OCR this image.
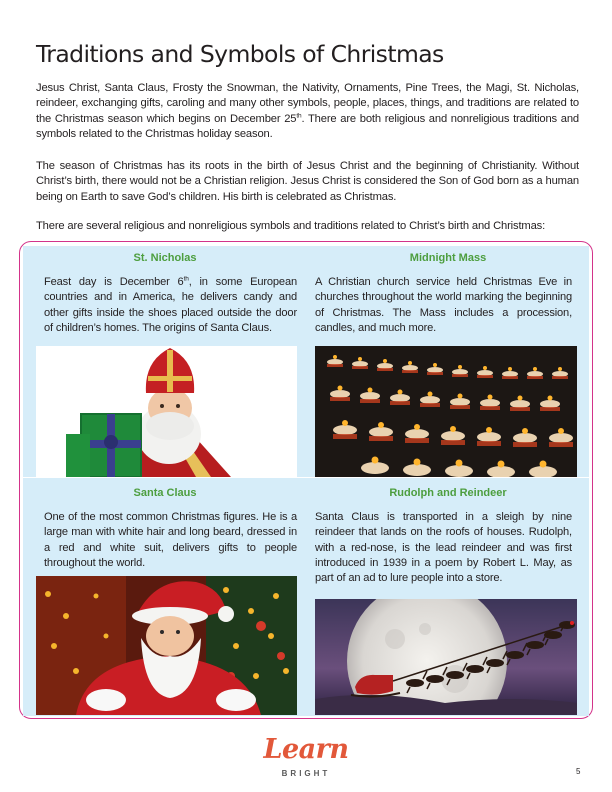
Traditions and Symbols of Christmas

Jesus Christ, Santa Claus, Frosty the Snowman, the Nativity, Ornaments, Pine Trees, the Magi, St. Nicholas, reindeer, exchanging gifts, caroling and many other symbols, people, places, things, and traditions are related to the Christmas season which begins on December 25th. There are both religious and nonreligious traditions and symbols related to the Christmas holiday season.

The season of Christmas has its roots in the birth of Jesus Christ and the beginning of Christianity. Without Christ’s birth, there would not be a Christian religion. Jesus Christ is considered the Son of God born as a human being on Earth to save God’s children. His birth is celebrated as Christmas.

There are several religious and nonreligious symbols and traditions related to Christ’s birth and Christmas:

St. Nicholas

Feast day is December 6th, in some European countries and in America, he delivers candy and other gifts inside the shoes placed outside the door of children’s homes. The origins of Santa Claus.

Midnight Mass

A Christian church service held Christmas Eve in churches throughout the world marking the beginning of Christmas. The Mass includes a procession, candles, and much more.

Santa Claus

One of the most common Christmas figures. He is a large man with white hair and long beard, dressed in a red and white suit, delivers gifts to people throughout the world.

Rudolph and Reindeer

Santa Claus is transported in a sleigh by nine reindeer that lands on the roofs of houses. Rudolph, with a red-nose, is the lead reindeer and was first introduced in 1939 in a poem by Robert L. May, as part of an ad to lure people into a store.

Learn
BRIGHT	5
